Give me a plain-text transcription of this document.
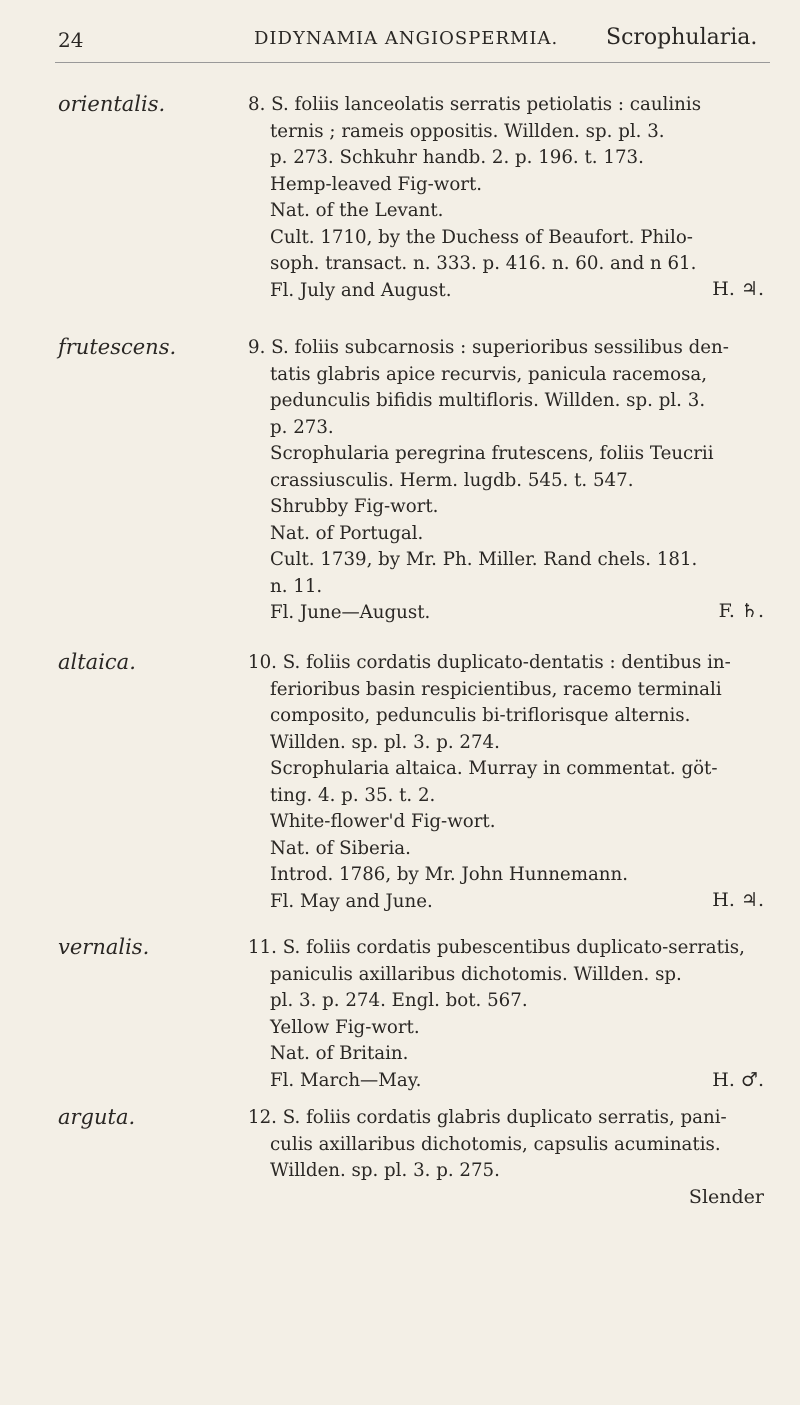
24	DIDYNAMIA ANGIOSPERMIA. Scrophularia.
orientalis.	8. S. foliis lanceolatis serratis petiolatis : caulinis
ternis ; rameis oppositis. Willden. sp. pl. 3.
p. 273. Schkuhr handb. 2. p. 196. t. 173.
Hemp-leaved Fig-wort.
Nat. of the Levant.
Cult. 1710, by the Duchess of Beaufort. Philo-
soph. transact. n. 333. p. 416. n. 60. and n 61.
Fl. July and August.	H. ♃.
frutescens.	9. S. foliis subcarnosis : superioribus sessilibus den-
tatis glabris apice recurvis, panicula racemosa,
pedunculis bifidis multifloris. Willden. sp. pl. 3.
p. 273.
Scrophularia peregrina frutescens, foliis Teucrii
crassiusculis. Herm. lugdb. 545. t. 547.
Shrubby Fig-wort.
Nat. of Portugal.
Cult. 1739, by Mr. Ph. Miller. Rand chels. 181.
n. 11.
Fl. June—August.	F. ♄.
altaica.	10. S. foliis cordatis duplicato-dentatis : dentibus in-
ferioribus basin respicientibus, racemo terminali
composito, pedunculis bi-triflorisque alternis.
Willden. sp. pl. 3. p. 274.
Scrophularia altaica. Murray in commentat. göt-
ting. 4. p. 35. t. 2.
White-flower'd Fig-wort.
Nat. of Siberia.
Introd. 1786, by Mr. John Hunnemann.
Fl. May and June.	H. ♃.
vernalis.	11. S. foliis cordatis pubescentibus duplicato-serratis,
paniculis axillaribus dichotomis. Willden. sp.
pl. 3. p. 274. Engl. bot. 567.
Yellow Fig-wort.
Nat. of Britain.
Fl. March—May.	H. ♂.
arguta.	12. S. foliis cordatis glabris duplicato serratis, pani-
culis axillaribus dichotomis, capsulis acuminatis.
Willden. sp. pl. 3. p. 275.
Slender
